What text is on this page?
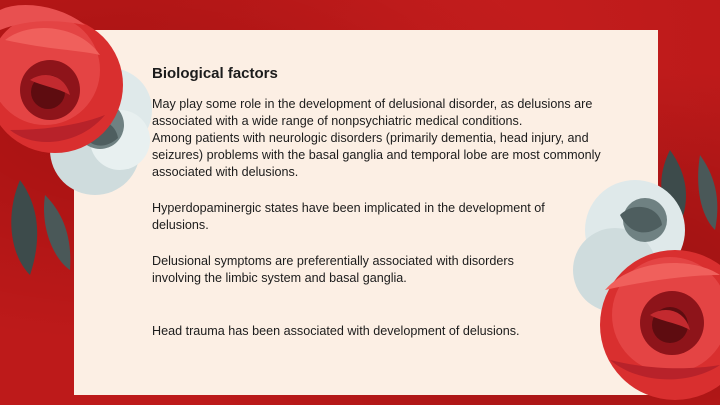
Biological factors

May play some role in the development of delusional disorder, as delusions are associated with a wide range of nonpsychiatric medical conditions.
Among patients with neurologic disorders (primarily dementia, head injury, and seizures) problems with the basal ganglia and temporal lobe are most commonly associated with delusions.

Hyperdopaminergic states have been implicated in the development of delusions.

Delusional symptoms are preferentially associated with disorders involving the limbic system and basal ganglia.

Head trauma has been associated with development of delusions.
